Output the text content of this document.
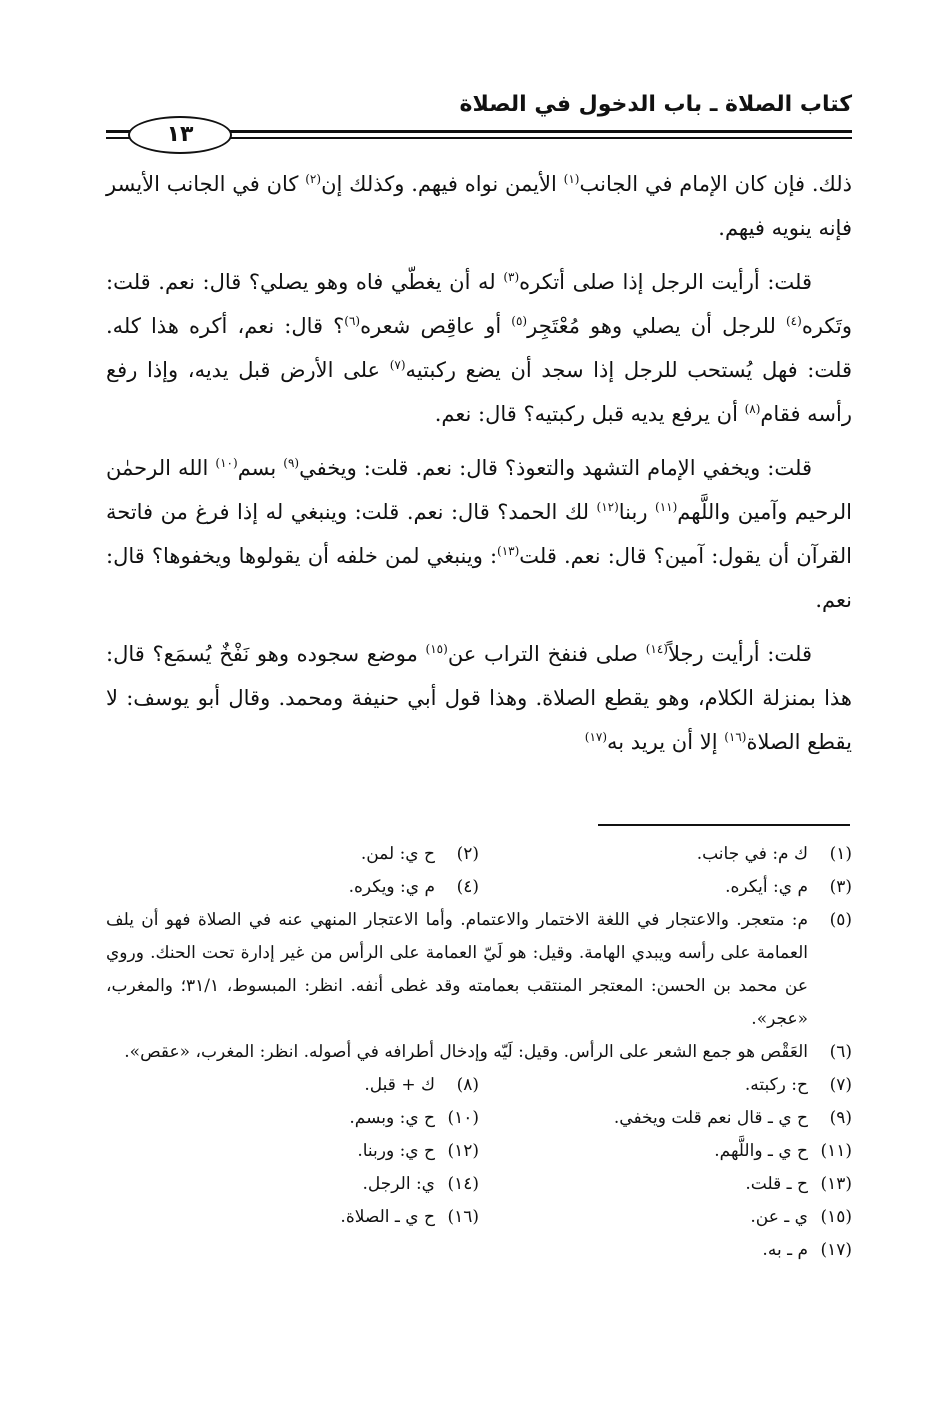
كتاب الصلاة ـ باب الدخول في الصلاة
١٣

ذلك. فإن كان الإمام في الجانب$^{(١)}$ الأيمن نواه فيهم. وكذلك إن$^{(٢)}$ كان في الجانب الأيسر فإنه ينويه فيهم.

قلت: أرأيت الرجل إذا صلى أتكره$^{(٣)}$ له أن يغطّي فاه وهو يصلي؟ قال: نعم. قلت: وتَكره$^{(٤)}$ للرجل أن يصلي وهو مُعْتَجِر$^{(٥)}$ أو عاقِص شعره$^{(٦)}$؟ قال: نعم، أكره هذا كله. قلت: فهل يُستحب للرجل إذا سجد أن يضع ركبتيه$^{(٧)}$ على الأرض قبل يديه، وإذا رفع رأسه فقام$^{(٨)}$ أن يرفع يديه قبل ركبتيه؟ قال: نعم.

قلت: ويخفي الإمام التشهد والتعوذ؟ قال: نعم. قلت: ويخفي$^{(٩)}$ بسم$^{(١٠)}$ الله الرحمٰن الرحيم وآمين واللَّهم$^{(١١)}$ ربنا$^{(١٢)}$ لك الحمد؟ قال: نعم. قلت: وينبغي له إذا فرغ من فاتحة القرآن أن يقول: آمين؟ قال: نعم. قلت$^{(١٣)}$: وينبغي لمن خلفه أن يقولوها ويخفوها؟ قال: نعم.

قلت: أرأيت رجلاً$^{(١٤)}$ صلى فنفخ التراب عن$^{(١٥)}$ موضع سجوده وهو نَفْخٌ يُسمَع؟ قال: هذا بمنزلة الكلام، وهو يقطع الصلاة. وهذا قول أبي حنيفة ومحمد. وقال أبو يوسف: لا يقطع الصلاة$^{(١٦)}$ إلا أن يريد به$^{(١٧)}$

(١)
ك م: في جانب.
(٢)
ح ي: لمن.
(٣)
م ي: أيكره.
(٤)
م ي: ويكره.
(٥)
م: متعجر. والاعتجار في اللغة الاختمار والاعتمام. وأما الاعتجار المنهي عنه في الصلاة فهو أن يلف العمامة على رأسه ويبدي الهامة. وقيل: هو لَيّ العمامة على الرأس من غير إدارة تحت الحنك. وروي عن محمد بن الحسن: المعتجر المنتقب بعمامته وقد غطى أنفه. انظر: المبسوط، ٣١/١؛ والمغرب، «عجر».
(٦)
العَقْص هو جمع الشعر على الرأس. وقيل: لَيّه وإدخال أطرافه في أصوله. انظر: المغرب، «عقص».
(٧)
ح: ركبته.
(٨)
ك + قبل.
(٩)
ح ي ـ قال نعم قلت ويخفي.
(١٠)
ح ي: وبسم.
(١١)
ح ي ـ واللَّهم.
(١٢)
ح ي: وربنا.
(١٣)
ح ـ قلت.
(١٤)
ي: الرجل.
(١٥)
ي ـ عن.
(١٦)
ح ي ـ الصلاة.
(١٧)
م ـ به.
